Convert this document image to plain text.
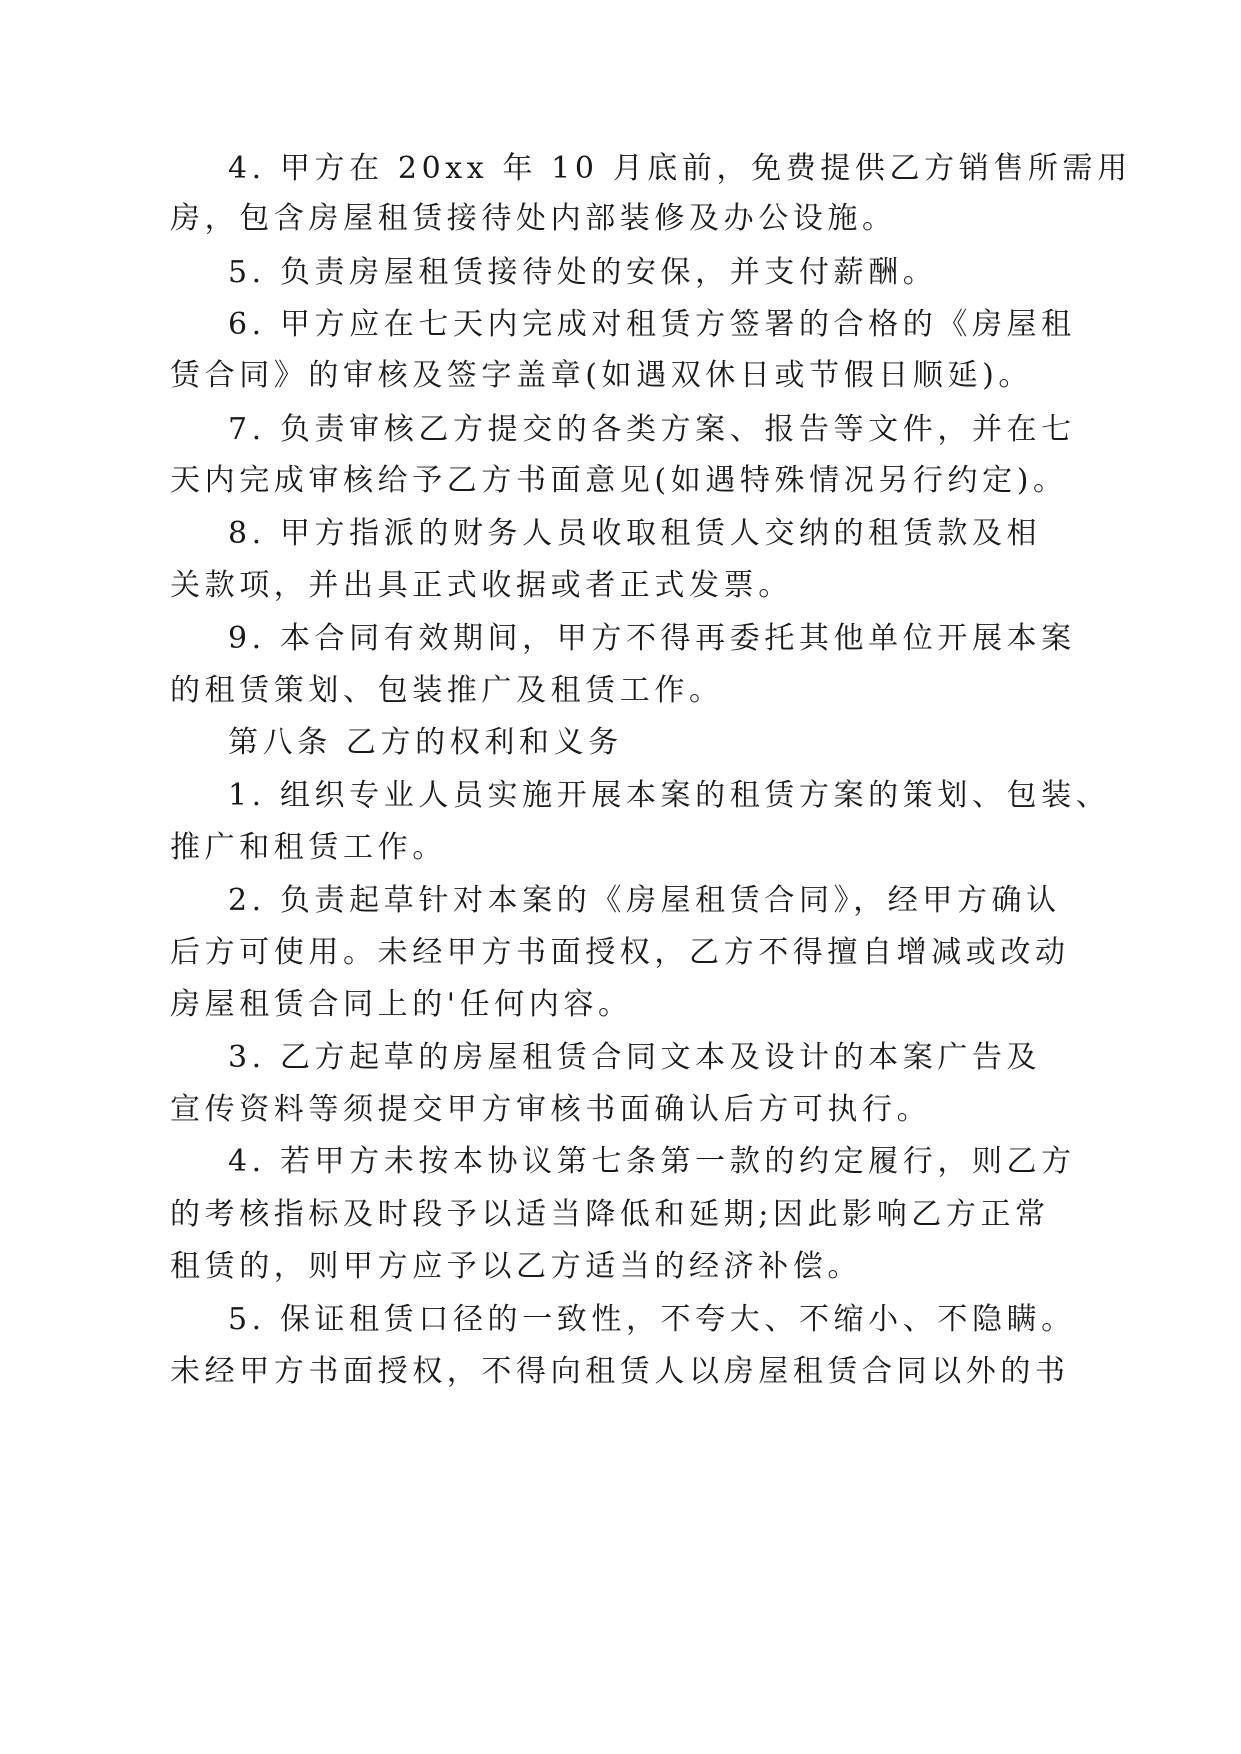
4. 甲方在 20xx 年 10 月底前，免费提供乙方销售所需用
房，包含房屋租赁接待处内部装修及办公设施。
5. 负责房屋租赁接待处的安保，并支付薪酬。
6. 甲方应在七天内完成对租赁方签署的合格的《房屋租
赁合同》的审核及签字盖章(如遇双休日或节假日顺延)。
7. 负责审核乙方提交的各类方案、报告等文件，并在七
天内完成审核给予乙方书面意见(如遇特殊情况另行约定)。
8. 甲方指派的财务人员收取租赁人交纳的租赁款及相
关款项，并出具正式收据或者正式发票。
9. 本合同有效期间，甲方不得再委托其他单位开展本案
的租赁策划、包装推广及租赁工作。
第八条 乙方的权利和义务
1. 组织专业人员实施开展本案的租赁方案的策划、包装、
推广和租赁工作。
2. 负责起草针对本案的《房屋租赁合同》，经甲方确认
后方可使用。未经甲方书面授权，乙方不得擅自增减或改动
房屋租赁合同上的'任何内容。
3. 乙方起草的房屋租赁合同文本及设计的本案广告及
宣传资料等须提交甲方审核书面确认后方可执行。
4. 若甲方未按本协议第七条第一款的约定履行，则乙方
的考核指标及时段予以适当降低和延期;因此影响乙方正常
租赁的，则甲方应予以乙方适当的经济补偿。
5. 保证租赁口径的一致性，不夸大、不缩小、不隐瞒。
未经甲方书面授权，不得向租赁人以房屋租赁合同以外的书
